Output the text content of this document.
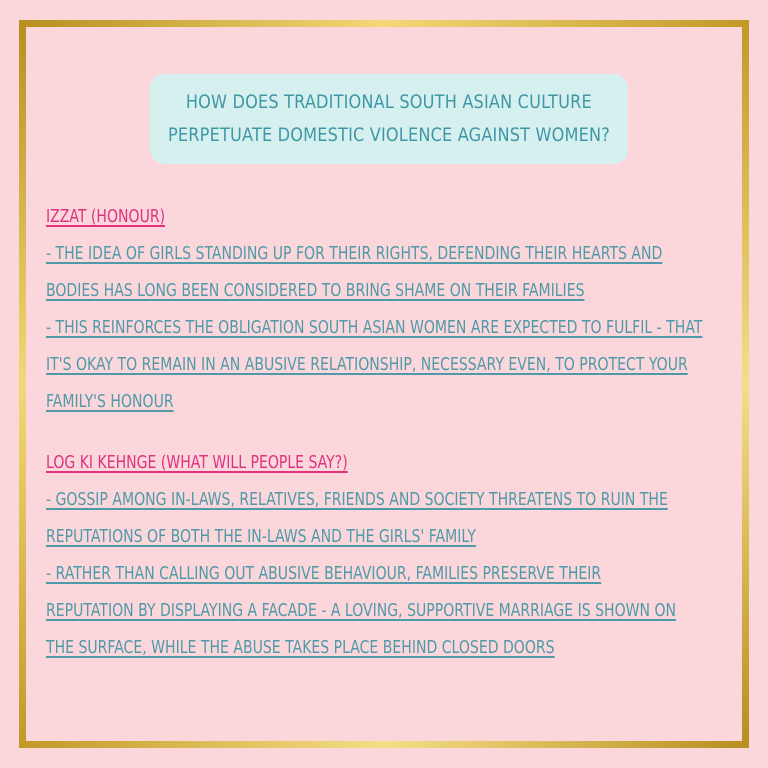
HOW DOES TRADITIONAL SOUTH ASIAN CULTURE
PERPETUATE DOMESTIC VIOLENCE AGAINST WOMEN?
IZZAT (HONOUR)
- THE IDEA OF GIRLS STANDING UP FOR THEIR RIGHTS, DEFENDING THEIR HEARTS AND
BODIES HAS LONG BEEN CONSIDERED TO BRING SHAME ON THEIR FAMILIES
- THIS REINFORCES THE OBLIGATION SOUTH ASIAN WOMEN ARE EXPECTED TO FULFIL - THAT
IT'S OKAY TO REMAIN IN AN ABUSIVE RELATIONSHIP, NECESSARY EVEN, TO PROTECT YOUR
FAMILY'S HONOUR
LOG KI KEHNGE (WHAT WILL PEOPLE SAY?)
- GOSSIP AMONG IN-LAWS, RELATIVES, FRIENDS AND SOCIETY THREATENS TO RUIN THE
REPUTATIONS OF BOTH THE IN-LAWS AND THE GIRLS' FAMILY
- RATHER THAN CALLING OUT ABUSIVE BEHAVIOUR, FAMILIES PRESERVE THEIR
REPUTATION BY DISPLAYING A FACADE - A LOVING, SUPPORTIVE MARRIAGE IS SHOWN ON
THE SURFACE, WHILE THE ABUSE TAKES PLACE BEHIND CLOSED DOORS
